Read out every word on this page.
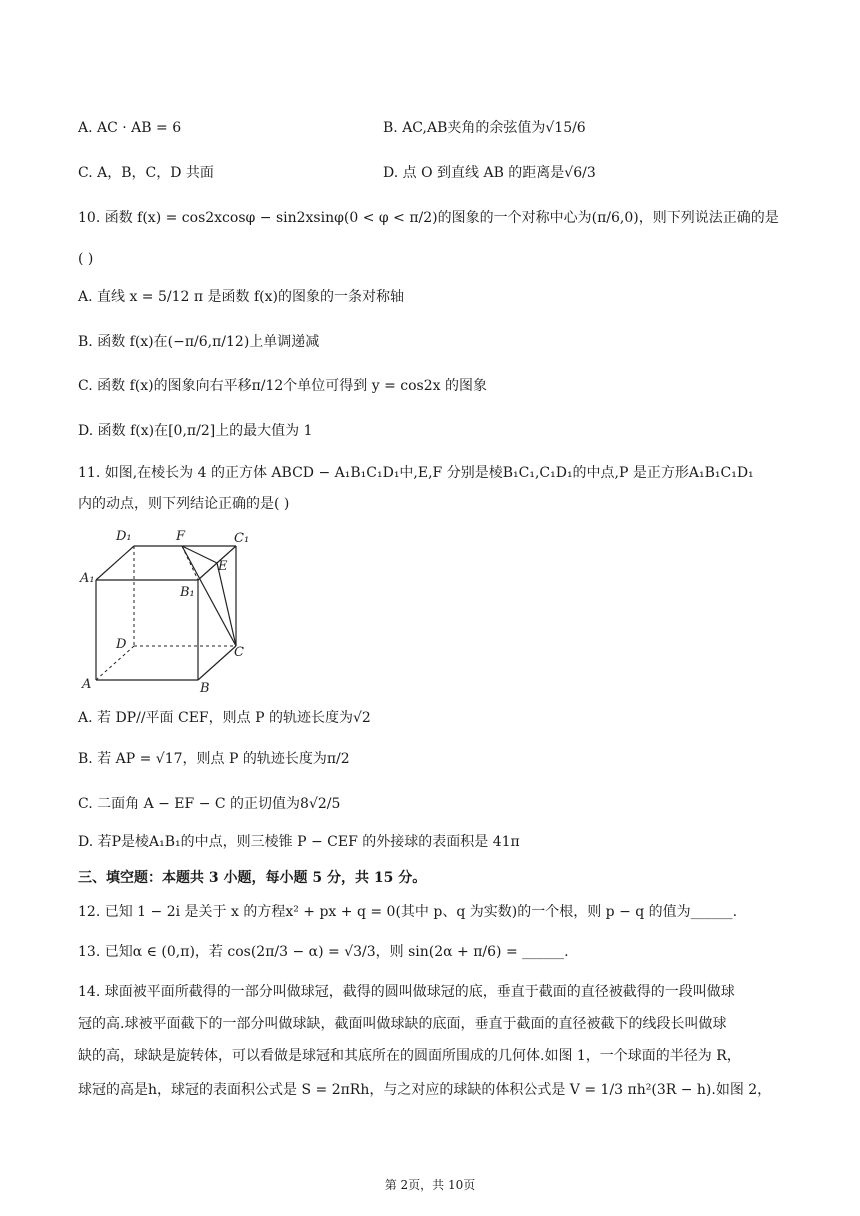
A. AC · AB = 6	B. AC,AB夹角的余弦值为√15/6
C. A，B，C，D 共面	D. 点 O 到直线 AB 的距离是√6/3
10. 函数 f(x) = cos2xcosφ − sin2xsinφ(0 < φ < π/2)的图象的一个对称中心为(π/6,0)，则下列说法正确的是
( )
A. 直线 x = 5/12 π 是函数 f(x)的图象的一条对称轴
B. 函数 f(x)在(−π/6,π/12)上单调递减
C. 函数 f(x)的图象向右平移π/12个单位可得到 y = cos2x 的图象
D. 函数 f(x)在[0,π/2]上的最大值为 1
11. 如图,在棱长为 4 的正方体 ABCD − A₁B₁C₁D₁中,E,F 分别是棱B₁C₁,C₁D₁的中点,P 是正方形A₁B₁C₁D₁
内的动点，则下列结论正确的是( )
D₁	F	C₁
A₁
E
B₁
D
C
A	B
A. 若 DP//平面 CEF，则点 P 的轨迹长度为√2
B. 若 AP = √17，则点 P 的轨迹长度为π/2
C. 二面角 A − EF − C 的正切值为8√2/5
D. 若P是棱A₁B₁的中点，则三棱锥 P − CEF 的外接球的表面积是 41π
三、填空题：本题共 3 小题，每小题 5 分，共 15 分。
12. 已知 1 − 2i 是关于 x 的方程x² + px + q = 0(其中 p、q 为实数)的一个根，则 p − q 的值为______.
13. 已知α ∈ (0,π)，若 cos(2π/3 − α) = √3/3，则 sin(2α + π/6) = ______.
14. 球面被平面所截得的一部分叫做球冠，截得的圆叫做球冠的底，垂直于截面的直径被截得的一段叫做球
冠的高.球被平面截下的一部分叫做球缺，截面叫做球缺的底面，垂直于截面的直径被截下的线段长叫做球
缺的高，球缺是旋转体，可以看做是球冠和其底所在的圆面所围成的几何体.如图 1，一个球面的半径为 R，
球冠的高是h，球冠的表面积公式是 S = 2πRh，与之对应的球缺的体积公式是 V = 1/3 πh²(3R − h).如图 2，
第 2页，共 10页
